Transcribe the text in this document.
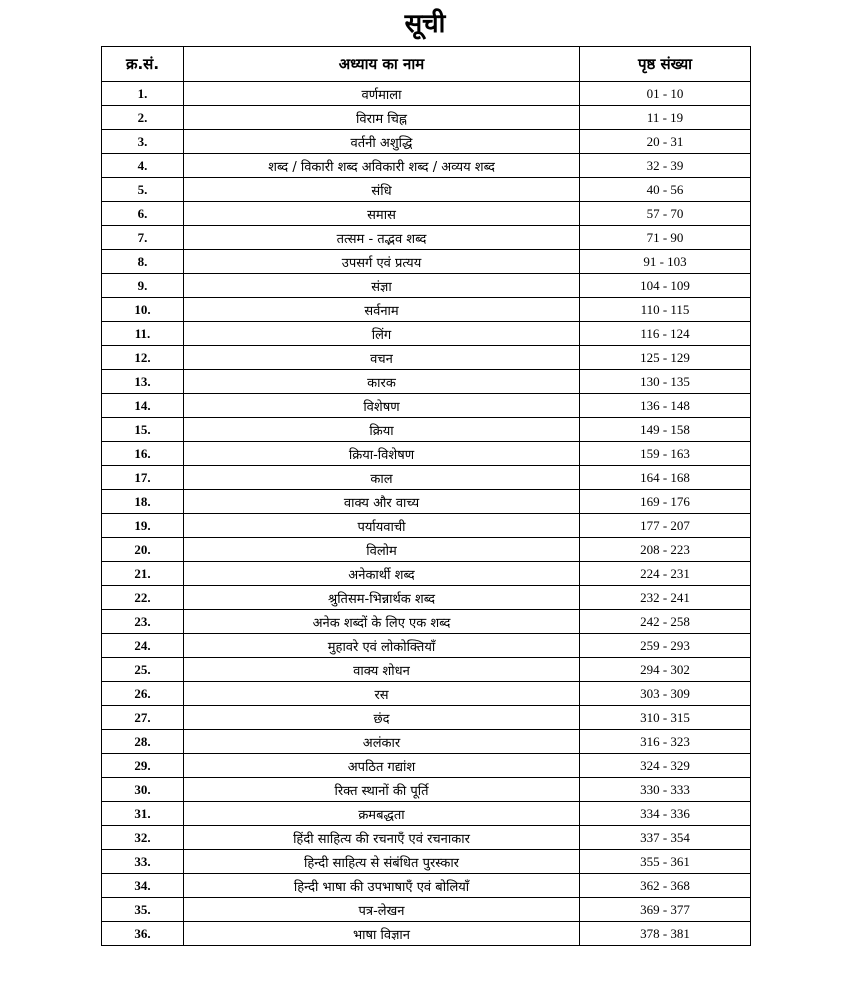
सूची
क्र.सं.	अध्याय का नाम	पृष्ठ संख्या
1.	वर्णमाला	01 - 10
2.	विराम चिह्न	11 - 19
3.	वर्तनी अशुद्धि	20 - 31
4.	शब्द / विकारी शब्द अविकारी शब्द / अव्यय शब्द	32 - 39
5.	संधि	40 - 56
6.	समास	57 - 70
7.	तत्सम - तद्भव शब्द	71 - 90
8.	उपसर्ग एवं प्रत्यय	91 - 103
9.	संज्ञा	104 - 109
10.	सर्वनाम	110 - 115
11.	लिंग	116 - 124
12.	वचन	125 - 129
13.	कारक	130 - 135
14.	विशेषण	136 - 148
15.	क्रिया	149 - 158
16.	क्रिया-विशेषण	159 - 163
17.	काल	164 - 168
18.	वाक्य और वाच्य	169 - 176
19.	पर्यायवाची	177 - 207
20.	विलोम	208 - 223
21.	अनेकार्थी शब्द	224 - 231
22.	श्रुतिसम-भिन्नार्थक शब्द	232 - 241
23.	अनेक शब्दों के लिए एक शब्द	242 - 258
24.	मुहावरे एवं लोकोक्तियाँ	259 - 293
25.	वाक्य शोधन	294 - 302
26.	रस	303 - 309
27.	छंद	310 - 315
28.	अलंकार	316 - 323
29.	अपठित गद्यांश	324 - 329
30.	रिक्त स्थानों की पूर्ति	330 - 333
31.	क्रमबद्धता	334 - 336
32.	हिंदी साहित्य की रचनाएँ एवं रचनाकार	337 - 354
33.	हिन्दी साहित्य से संबंधित पुरस्कार	355 - 361
34.	हिन्दी भाषा की उपभाषाएँ एवं बोलियाँ	362 - 368
35.	पत्र-लेखन	369 - 377
36.	भाषा विज्ञान	378 - 381
